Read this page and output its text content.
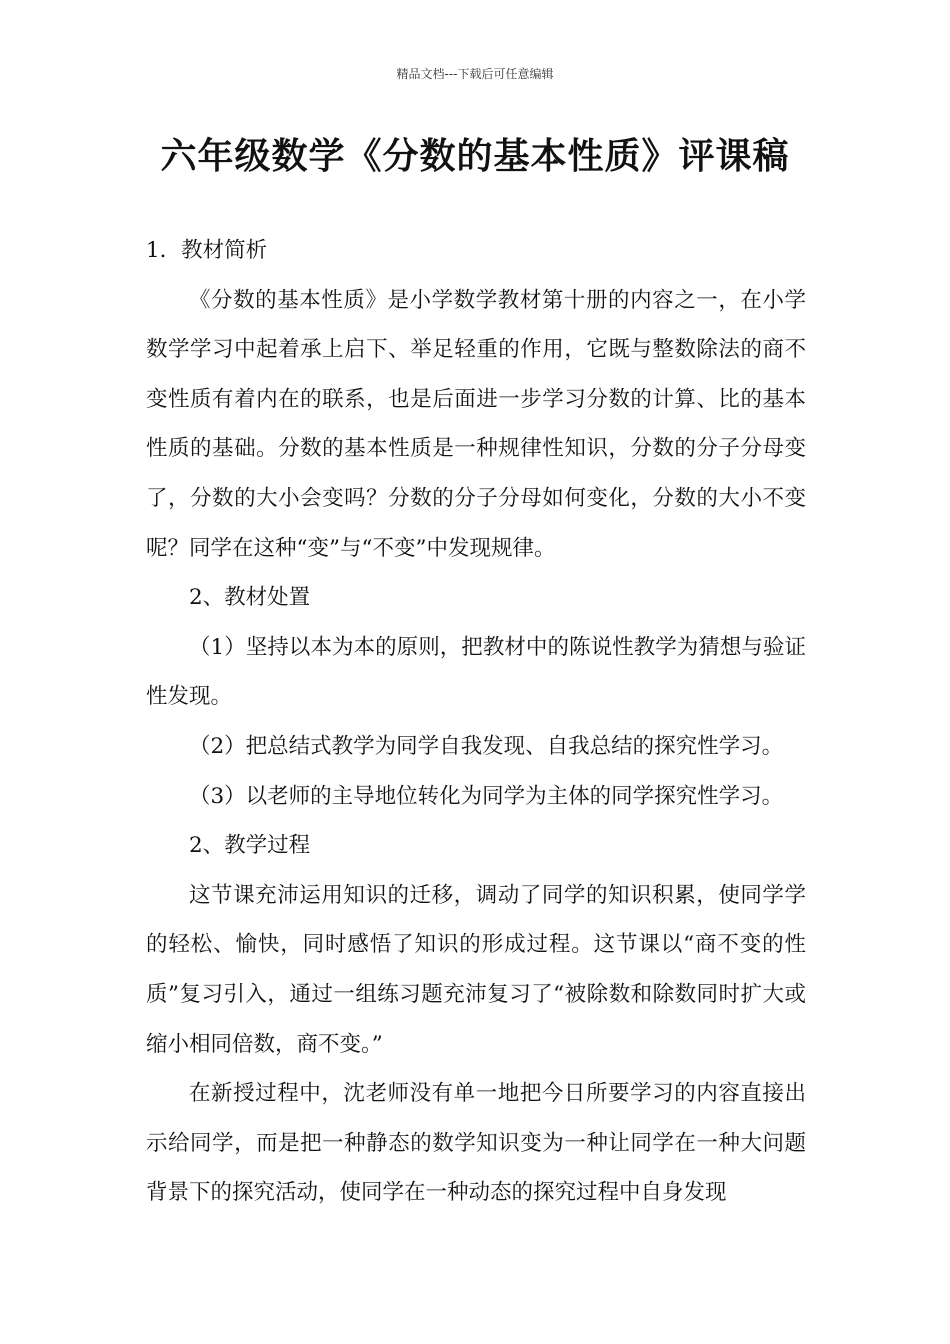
精品文档---下载后可任意编辑
六年级数学《分数的基本性质》评课稿

1．教材简析

《分数的基本性质》是小学数学教材第十册的内容之一，在小学数学学习中起着承上启下、举足轻重的作用，它既与整数除法的商不变性质有着内在的联系，也是后面进一步学习分数的计算、比的基本性质的基础。分数的基本性质是一种规律性知识，分数的分子分母变了，分数的大小会变吗？分数的分子分母如何变化，分数的大小不变呢？同学在这种“变”与“不变”中发现规律。

2、教材处置

（1）坚持以本为本的原则，把教材中的陈说性教学为猜想与验证性发现。

（2）把总结式教学为同学自我发现、自我总结的探究性学习。

（3）以老师的主导地位转化为同学为主体的同学探究性学习。

2、教学过程

这节课充沛运用知识的迁移，调动了同学的知识积累，使同学学的轻松、愉快，同时感悟了知识的形成过程。这节课以“商不变的性质”复习引入，通过一组练习题充沛复习了“被除数和除数同时扩大或缩小相同倍数，商不变。”

在新授过程中，沈老师没有单一地把今日所要学习的内容直接出示给同学，而是把一种静态的数学知识变为一种让同学在一种大问题背景下的探究活动，使同学在一种动态的探究过程中自身发现
